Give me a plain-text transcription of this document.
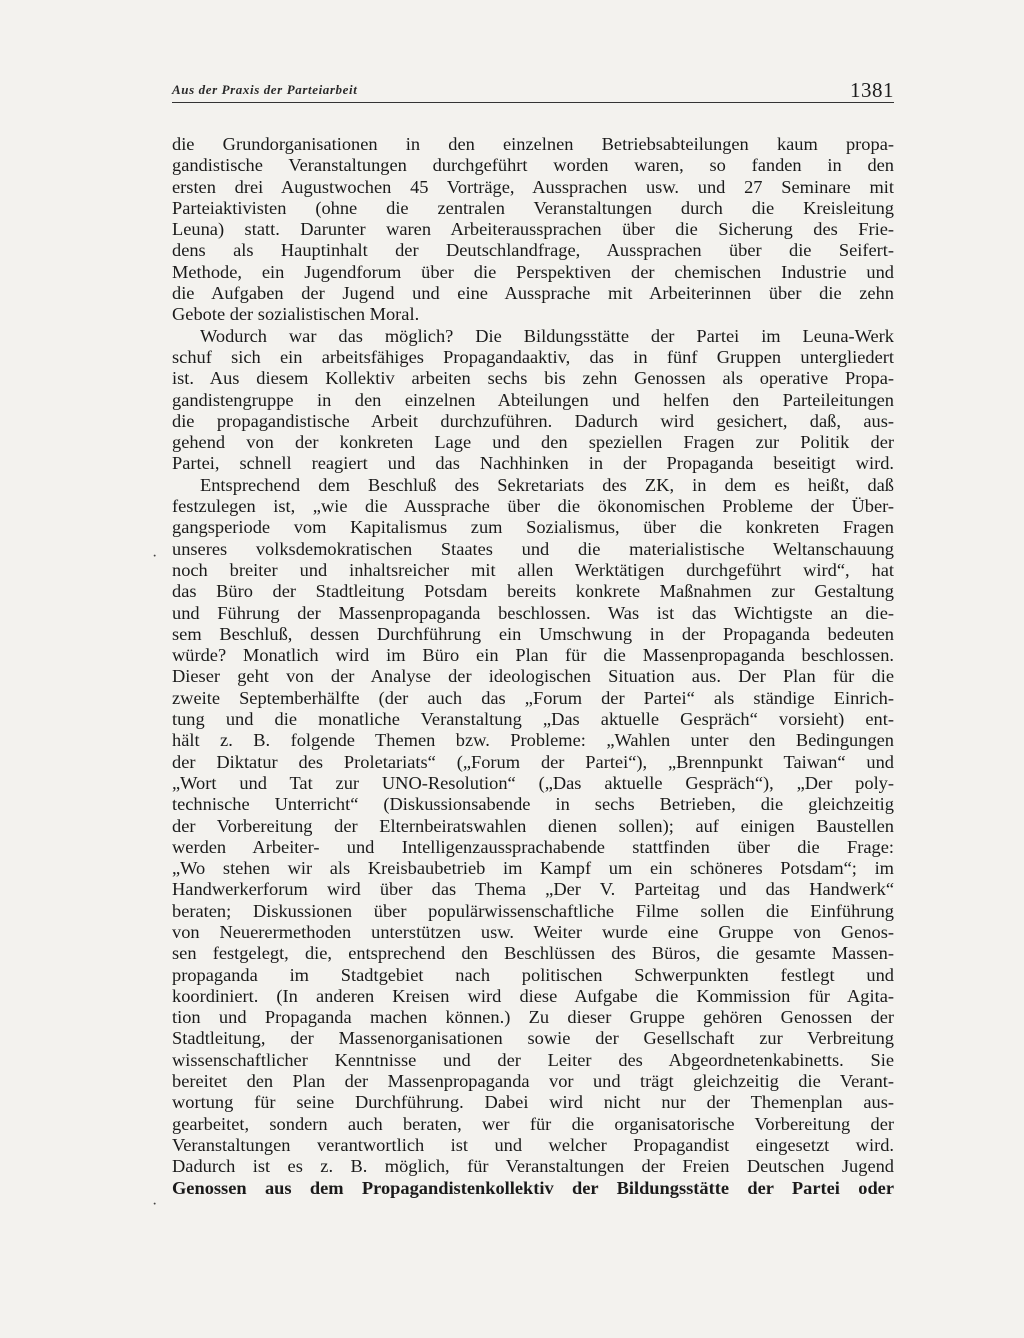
Aus der Praxis der Parteiarbeit	1381
die Grundorganisationen in den einzelnen Betriebsabteilungen kaum propa-
gandistische Veranstaltungen durchgeführt worden waren, so fanden in den
ersten drei Augustwochen 45 Vorträge, Aussprachen usw. und 27 Seminare mit
Parteiaktivisten (ohne die zentralen Veranstaltungen durch die Kreisleitung
Leuna) statt. Darunter waren Arbeiteraussprachen über die Sicherung des Frie-
dens als Hauptinhalt der Deutschlandfrage, Aussprachen über die Seifert-
Methode, ein Jugendforum über die Perspektiven der chemischen Industrie und
die Aufgaben der Jugend und eine Aussprache mit Arbeiterinnen über die zehn
Gebote der sozialistischen Moral.
Wodurch war das möglich? Die Bildungsstätte der Partei im Leuna-Werk
schuf sich ein arbeitsfähiges Propagandaaktiv, das in fünf Gruppen untergliedert
ist. Aus diesem Kollektiv arbeiten sechs bis zehn Genossen als operative Propa-
gandistengruppe in den einzelnen Abteilungen und helfen den Parteileitungen
die propagandistische Arbeit durchzuführen. Dadurch wird gesichert, daß, aus-
gehend von der konkreten Lage und den speziellen Fragen zur Politik der
Partei, schnell reagiert und das Nachhinken in der Propaganda beseitigt wird.
Entsprechend dem Beschluß des Sekretariats des ZK, in dem es heißt, daß
festzulegen ist, „wie die Aussprache über die ökonomischen Probleme der Über-
gangsperiode vom Kapitalismus zum Sozialismus, über die konkreten Fragen
unseres volksdemokratischen Staates und die materialistische Weltanschauung
noch breiter und inhaltsreicher mit allen Werktätigen durchgeführt wird“, hat
das Büro der Stadtleitung Potsdam bereits konkrete Maßnahmen zur Gestaltung
und Führung der Massenpropaganda beschlossen. Was ist das Wichtigste an die-
sem Beschluß, dessen Durchführung ein Umschwung in der Propaganda bedeuten
würde? Monatlich wird im Büro ein Plan für die Massenpropaganda beschlossen.
Dieser geht von der Analyse der ideologischen Situation aus. Der Plan für die
zweite Septemberhälfte (der auch das „Forum der Partei“ als ständige Einrich-
tung und die monatliche Veranstaltung „Das aktuelle Gespräch“ vorsieht) ent-
hält z. B. folgende Themen bzw. Probleme: „Wahlen unter den Bedingungen
der Diktatur des Proletariats“ („Forum der Partei“), „Brennpunkt Taiwan“ und
„Wort und Tat zur UNO-Resolution“ („Das aktuelle Gespräch“), „Der poly-
technische Unterricht“ (Diskussionsabende in sechs Betrieben, die gleichzeitig
der Vorbereitung der Elternbeiratswahlen dienen sollen); auf einigen Baustellen
werden Arbeiter- und Intelligenzaussprachabende stattfinden über die Frage:
„Wo stehen wir als Kreisbaubetrieb im Kampf um ein schöneres Potsdam“; im
Handwerkerforum wird über das Thema „Der V. Parteitag und das Handwerk“
beraten; Diskussionen über populärwissenschaftliche Filme sollen die Einführung
von Neuerermethoden unterstützen usw. Weiter wurde eine Gruppe von Genos-
sen festgelegt, die, entsprechend den Beschlüssen des Büros, die gesamte Massen-
propaganda im Stadtgebiet nach politischen Schwerpunkten festlegt und
koordiniert. (In anderen Kreisen wird diese Aufgabe die Kommission für Agita-
tion und Propaganda machen können.) Zu dieser Gruppe gehören Genossen der
Stadtleitung, der Massenorganisationen sowie der Gesellschaft zur Verbreitung
wissenschaftlicher Kenntnisse und der Leiter des Abgeordnetenkabinetts. Sie
bereitet den Plan der Massenpropaganda vor und trägt gleichzeitig die Verant-
wortung für seine Durchführung. Dabei wird nicht nur der Themenplan aus-
gearbeitet, sondern auch beraten, wer für die organisatorische Vorbereitung der
Veranstaltungen verantwortlich ist und welcher Propagandist eingesetzt wird.
Dadurch ist es z. B. möglich, für Veranstaltungen der Freien Deutschen Jugend
Genossen aus dem Propagandistenkollektiv der Bildungsstätte der Partei oder
·
·
